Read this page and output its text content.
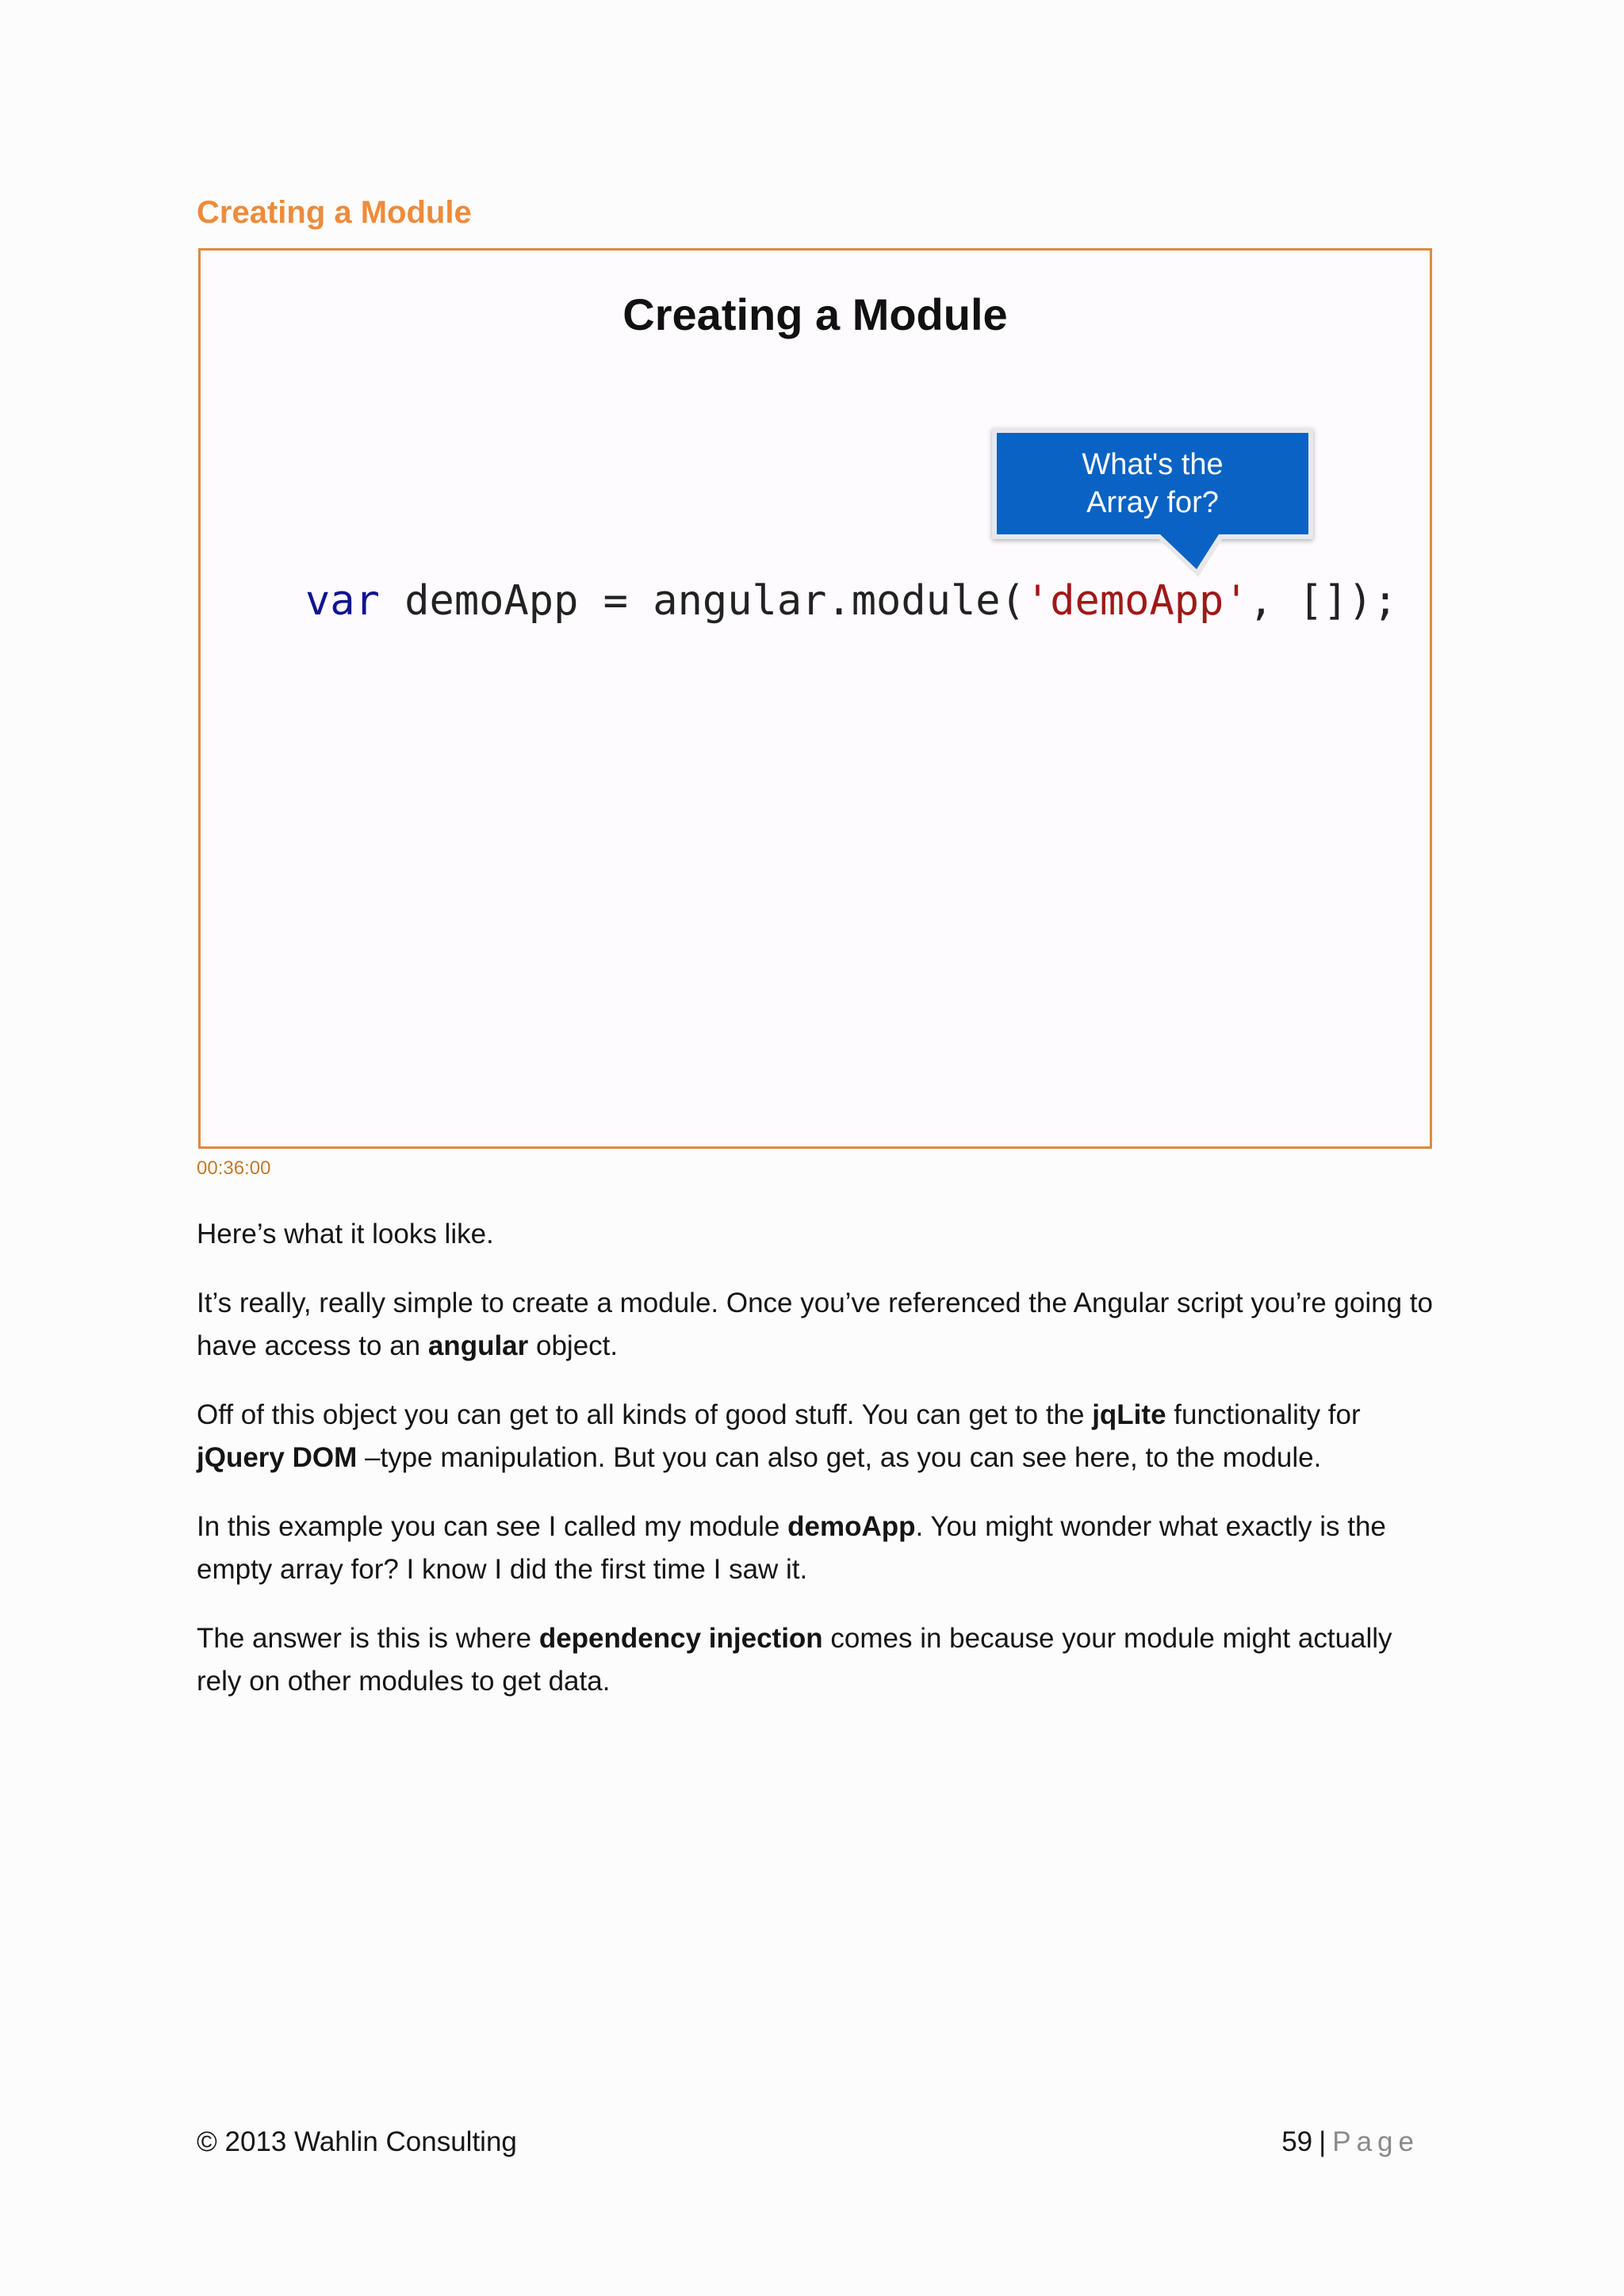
Creating a Module
Creating a Module
What's the
Array for?
var demoApp = angular.module('demoApp', []);
00:36:00

Here’s what it looks like.

It’s really, really simple to create a module. Once you’ve referenced the Angular script you’re going to have access to an angular object.

Off of this object you can get to all kinds of good stuff. You can get to the jqLite functionality for jQuery DOM –type manipulation. But you can also get, as you can see here, to the module.

In this example you can see I called my module demoApp. You might wonder what exactly is the empty array for? I know I did the first time I saw it.

The answer is this is where dependency injection comes in because your module might actually rely on other modules to get data.

© 2013 Wahlin Consulting	59 | Page
